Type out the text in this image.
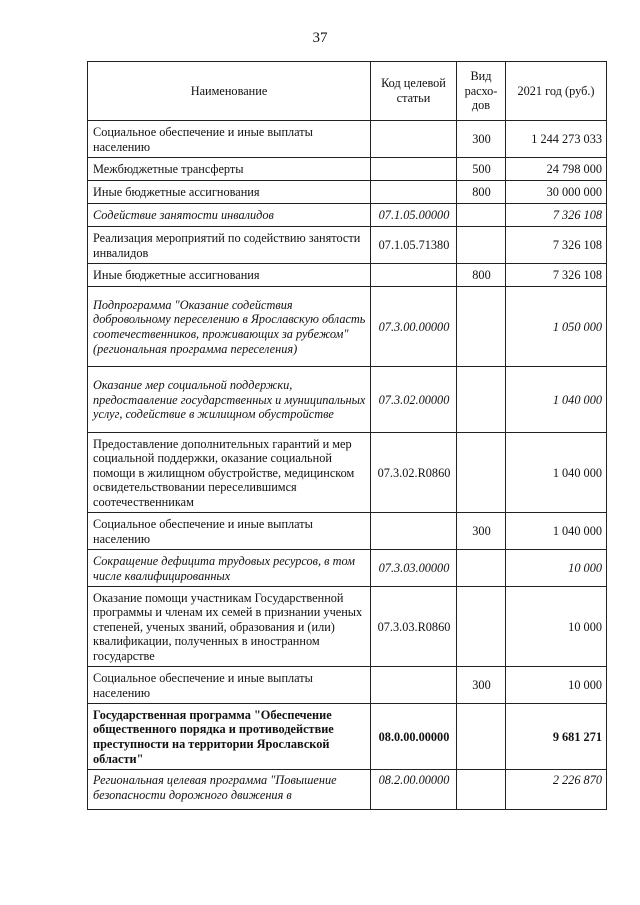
37
Наименование	Код целевой статьи	Вид расхо-дов	2021 год (руб.)
Социальное обеспечение и иные выплаты населению		300	1 244 273 033
Межбюджетные трансферты		500	24 798 000
Иные бюджетные ассигнования		800	30 000 000
Содействие занятости инвалидов	07.1.05.00000		7 326 108
Реализация мероприятий по содействию занятости инвалидов	07.1.05.71380		7 326 108
Иные бюджетные ассигнования		800	7 326 108
Подпрограмма "Оказание содействия добровольному переселению в Ярославскую область соотечественников, проживающих за рубежом" (региональная программа переселения)	07.3.00.00000		1 050 000
Оказание мер социальной поддержки, предоставление государственных и муниципальных услуг, содействие в жилищном обустройстве	07.3.02.00000		1 040 000
Предоставление дополнительных гарантий и мер социальной поддержки, оказание социальной помощи в жилищном обустройстве, медицинском освидетельствовании переселившимся соотечественникам	07.3.02.R0860		1 040 000
Социальное обеспечение и иные выплаты населению		300	1 040 000
Сокращение дефицита трудовых ресурсов, в том числе квалифицированных	07.3.03.00000		10 000
Оказание помощи участникам Государственной программы и членам их семей в признании ученых степеней, ученых званий, образования и (или) квалификации, полученных в иностранном государстве	07.3.03.R0860		10 000
Социальное обеспечение и иные выплаты населению		300	10 000
Государственная программа "Обеспечение общественного порядка и противодействие преступности на территории Ярославской области"	08.0.00.00000		9 681 271
Региональная целевая программа "Повышение безопасности дорожного движения в	08.2.00.00000		2 226 870
